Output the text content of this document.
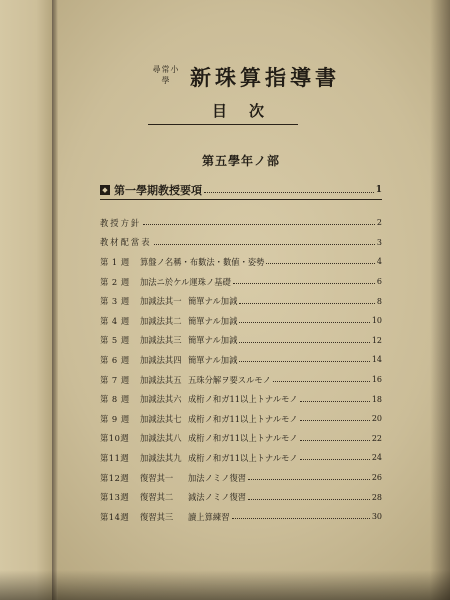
尋常小學 新珠算指導書
目次
第五學年ノ部
◆ 第一學期教授要項	1
教授方針	2
教材配當表	3
第 1 週	算盤ノ名稱・布數法・數値・姿勢	4
第 2 週	加法ニ於ケル運珠ノ基礎	6
第 3 週	加減法其一 簡單ナル加減	8
第 4 週	加減法其二 簡單ナル加減	10
第 5 週	加減法其三 簡單ナル加減	12
第 6 週	加減法其四 簡單ナル加減	14
第 7 週	加減法其五 五珠分解ヲ要スルモノ	16
第 8 週	加減法其六 成桁ノ和ガ11以上トナルモノ	18
第 9 週	加減法其七 成桁ノ和ガ11以上トナルモノ	20
第10週	加減法其八 成桁ノ和ガ11以上トナルモノ	22
第11週	加減法其九 成桁ノ和ガ11以上トナルモノ	24
第12週	復習其一	加法ノミノ復習	26
第13週	復習其二	減法ノミノ復習	28
第14週	復習其三	讀上算練習	30
